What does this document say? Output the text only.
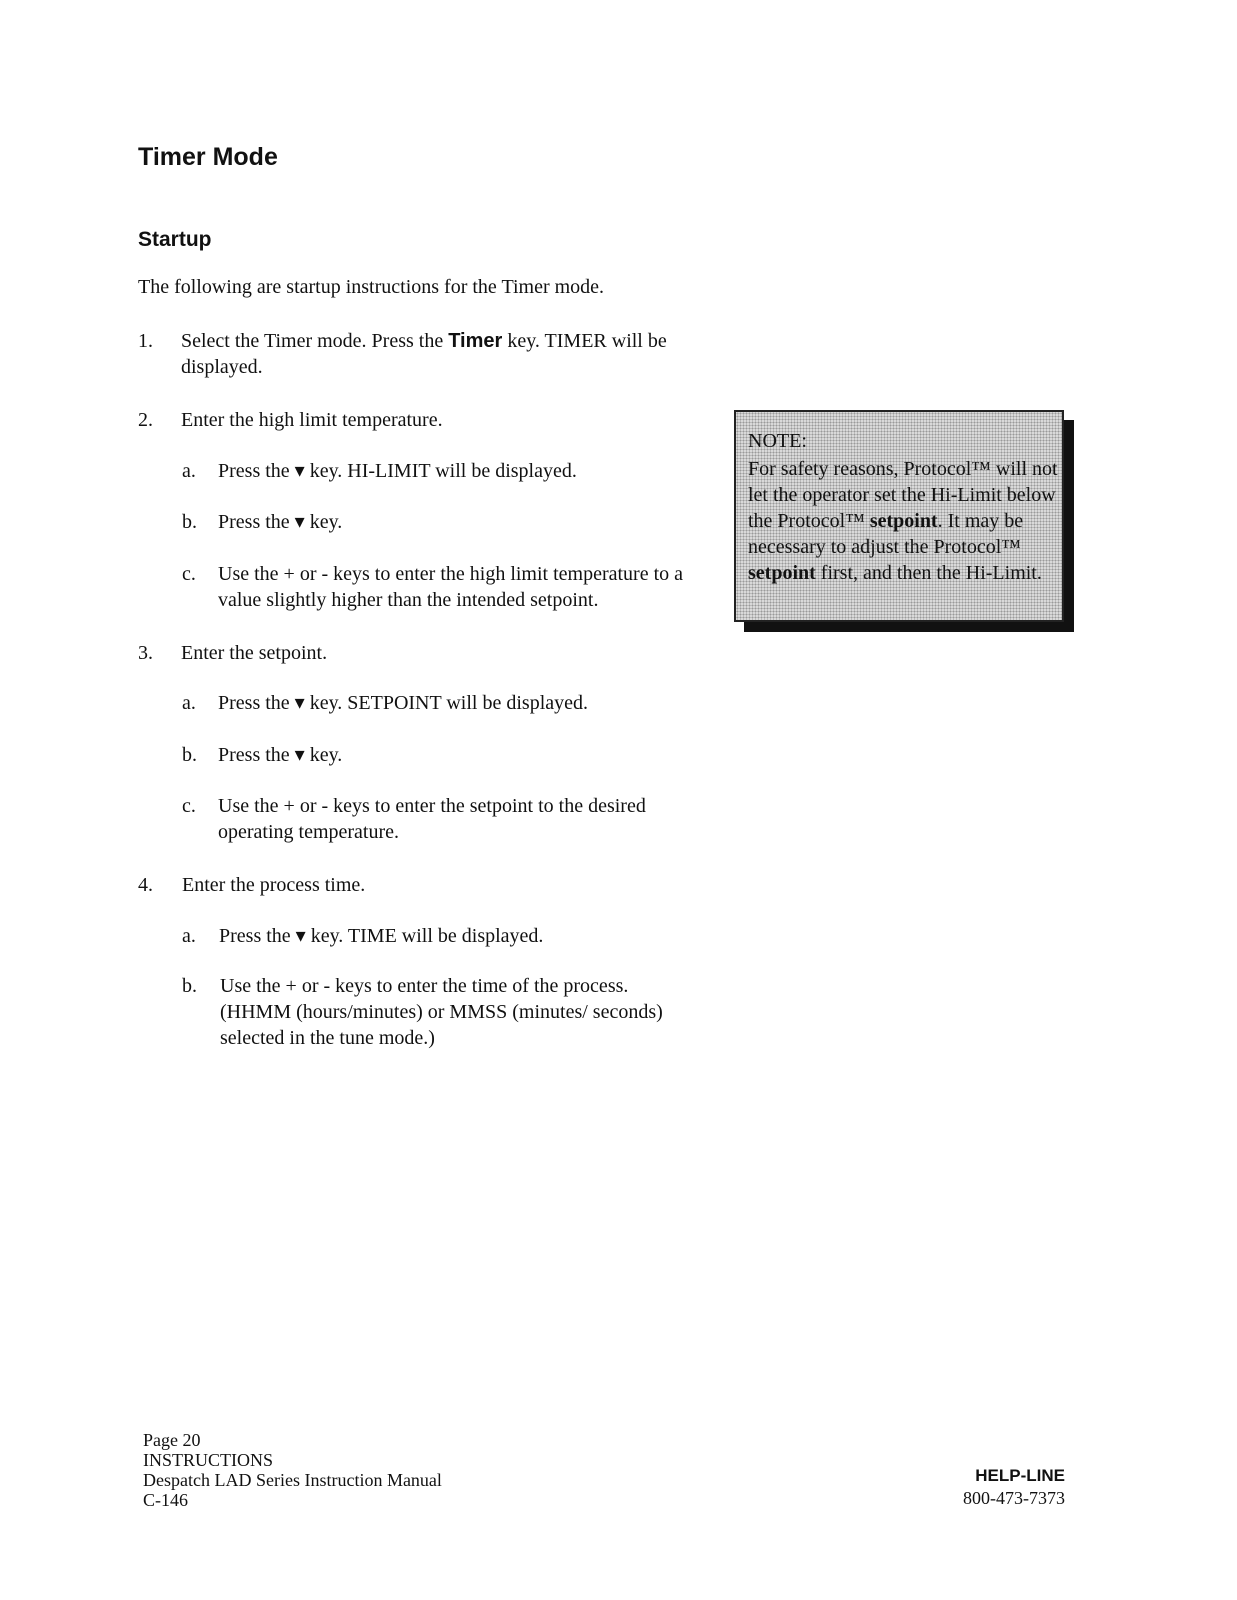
Timer Mode
Startup

The following are startup instructions for the Timer mode.

1.	Select the Timer mode. Press the Timer key. TIMER will be displayed.
2.	Enter the high limit temperature.
a.	Press the ▾ key. HI-LIMIT will be displayed.
b.	Press the ▾ key.
c.	Use the + or - keys to enter the high limit temperature to a value slightly higher than the intended setpoint.
3.	Enter the setpoint.
a.	Press the ▾ key. SETPOINT will be displayed.
b.	Press the ▾ key.
c.	Use the + or - keys to enter the setpoint to the desired operating temperature.
4.	Enter the process time.
a.	Press the ▾ key. TIME will be displayed.
b.	Use the + or - keys to enter the time of the process. (HHMM (hours/minutes) or MMSS (minutes/ seconds) selected in the tune mode.)
NOTE:
For safety reasons, Protocol™ will not let the operator set the Hi-Limit below the Protocol™ setpoint. It may be necessary to adjust the Protocol™ setpoint first, and then the Hi-Limit.
Page 20
INSTRUCTIONS
Despatch LAD Series Instruction Manual
C-146
HELP-LINE
800-473-7373
